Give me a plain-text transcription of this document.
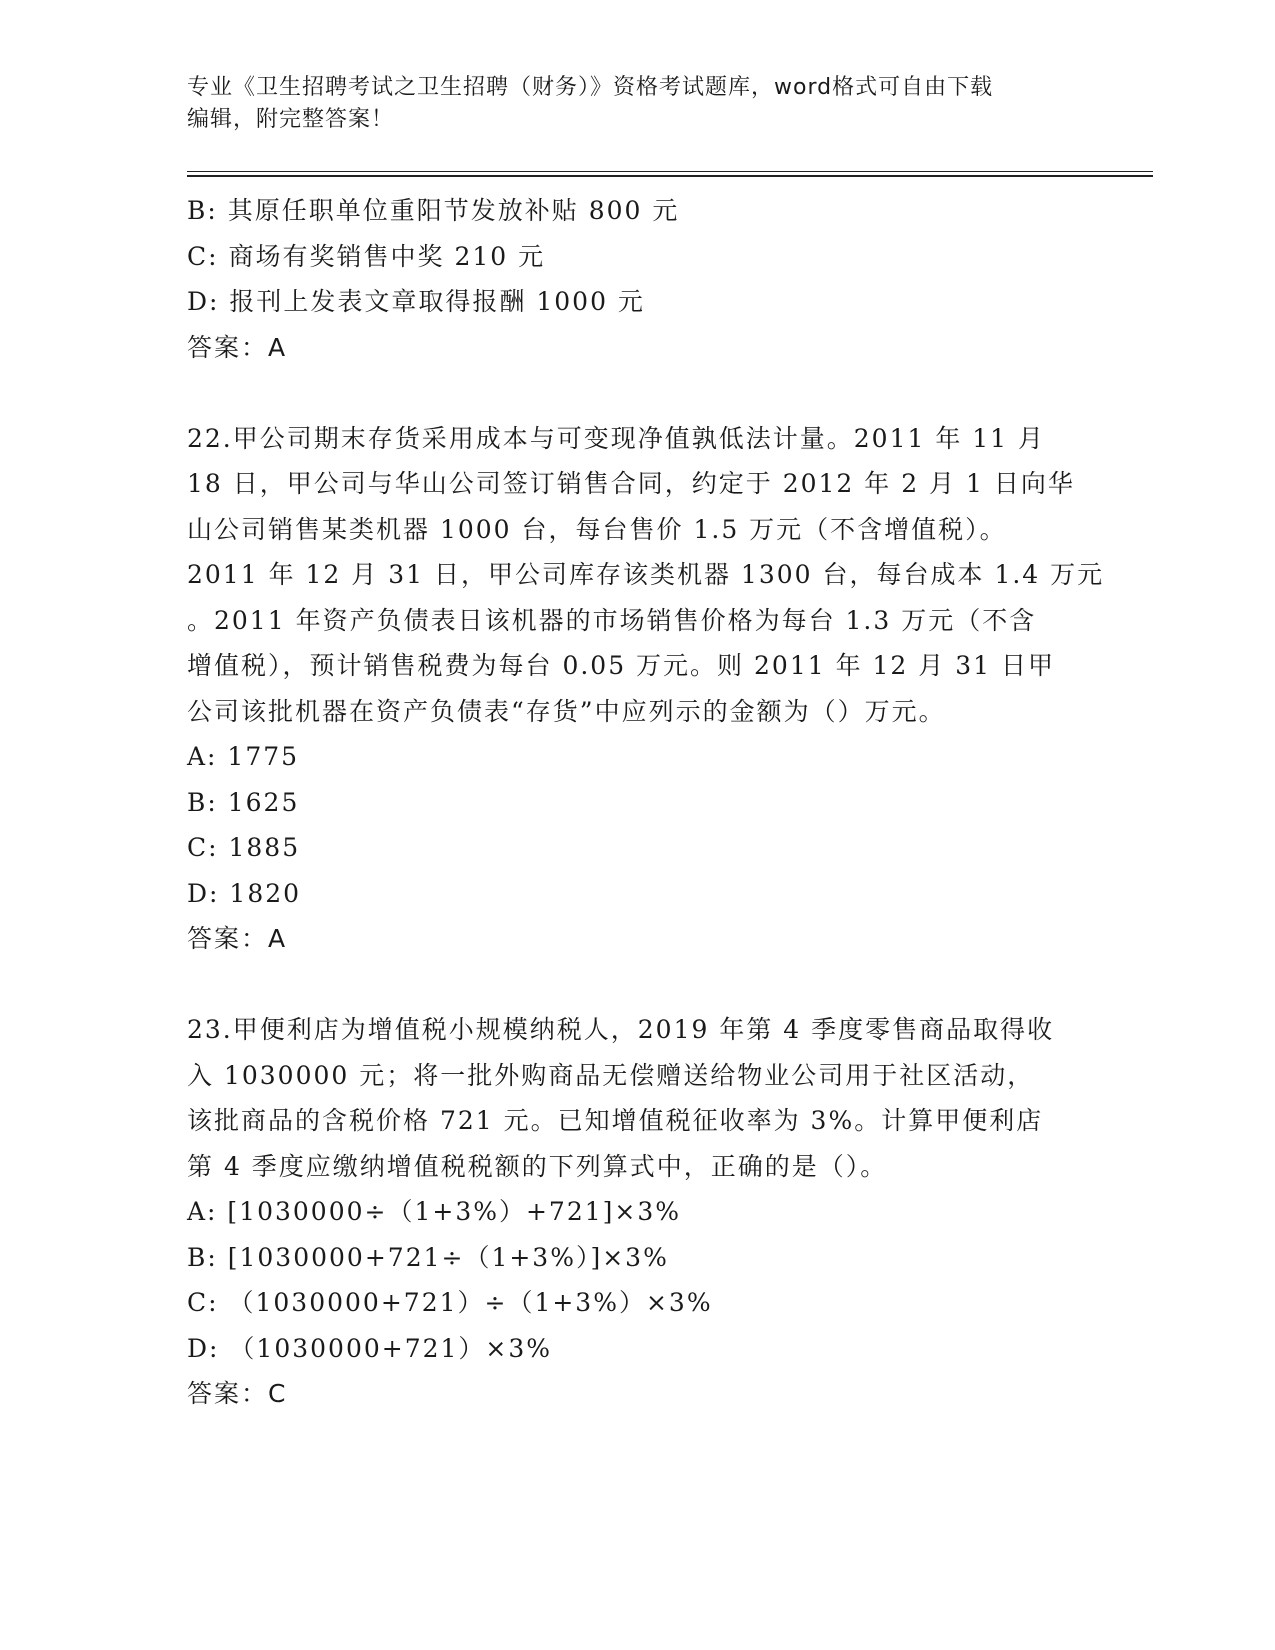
专业《卫生招聘考试之卫生招聘（财务）》资格考试题库，word格式可自由下载
编辑，附完整答案！
B: 其原任职单位重阳节发放补贴 800 元
C: 商场有奖销售中奖 210 元
D: 报刊上发表文章取得报酬 1000 元
答案：A
22.甲公司期末存货采用成本与可变现净值孰低法计量。2011 年 11 月
18 日，甲公司与华山公司签订销售合同，约定于 2012 年 2 月 1 日向华
山公司销售某类机器 1000 台，每台售价 1.5 万元（不含增值税）。
2011 年 12 月 31 日，甲公司库存该类机器 1300 台，每台成本 1.4 万元
。2011 年资产负债表日该机器的市场销售价格为每台 1.3 万元（不含
增值税），预计销售税费为每台 0.05 万元。则 2011 年 12 月 31 日甲
公司该批机器在资产负债表“存货”中应列示的金额为（）万元。
A: 1775
B: 1625
C: 1885
D: 1820
答案：A
23.甲便利店为增值税小规模纳税人，2019 年第 4 季度零售商品取得收
入 1030000 元；将一批外购商品无偿赠送给物业公司用于社区活动，
该批商品的含税价格 721 元。已知增值税征收率为 3%。计算甲便利店
第 4 季度应缴纳增值税税额的下列算式中，正确的是（）。
A: [1030000÷（1+3%）+721]×3%
B: [1030000+721÷（1+3%）]×3%
C: （1030000+721）÷（1+3%）×3%
D: （1030000+721）×3%
答案：C
